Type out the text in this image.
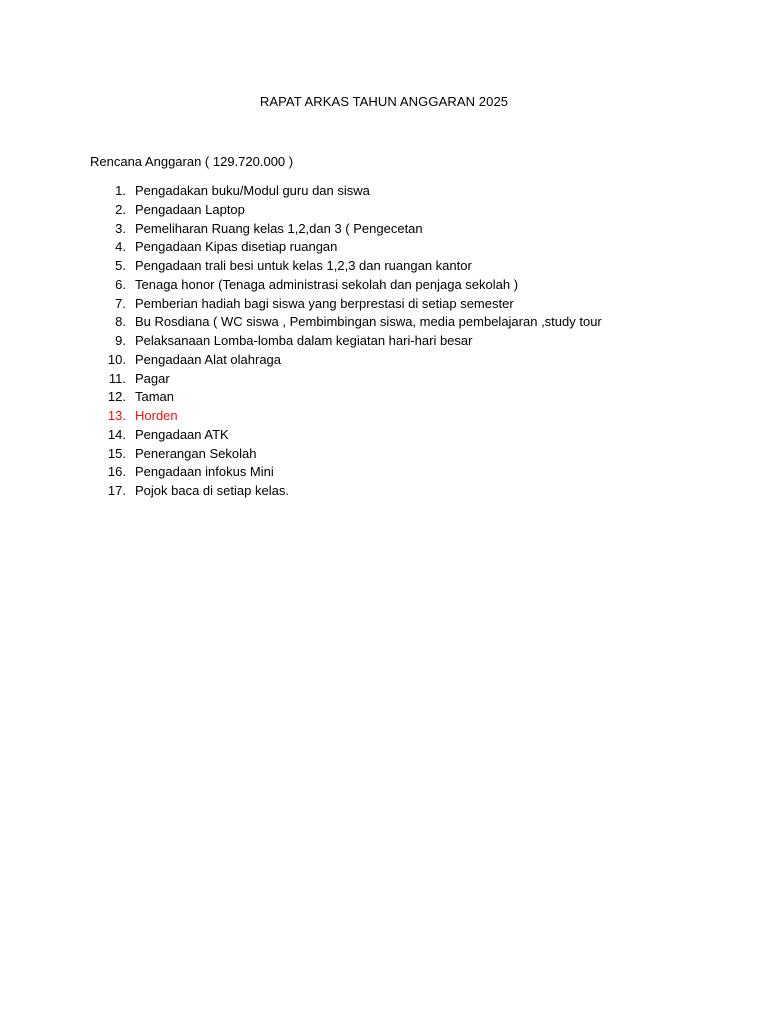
RAPAT ARKAS TAHUN ANGGARAN 2025
Rencana Anggaran ( 129.720.000 )
1. Pengadakan buku/Modul guru dan siswa
2. Pengadaan Laptop
3. Pemeliharan Ruang kelas 1,2,dan 3 ( Pengecetan
4. Pengadaan Kipas disetiap ruangan
5. Pengadaan trali besi untuk kelas 1,2,3 dan ruangan kantor
6. Tenaga honor (Tenaga administrasi sekolah dan penjaga sekolah )
7. Pemberian hadiah bagi siswa yang berprestasi di setiap semester
8. Bu Rosdiana ( WC siswa , Pembimbingan siswa, media pembelajaran ,study tour
9. Pelaksanaan Lomba-lomba dalam kegiatan hari-hari besar
10. Pengadaan Alat olahraga
11. Pagar
12. Taman
13. Horden
14. Pengadaan ATK
15. Penerangan Sekolah
16. Pengadaan infokus Mini
17. Pojok baca di setiap kelas.
